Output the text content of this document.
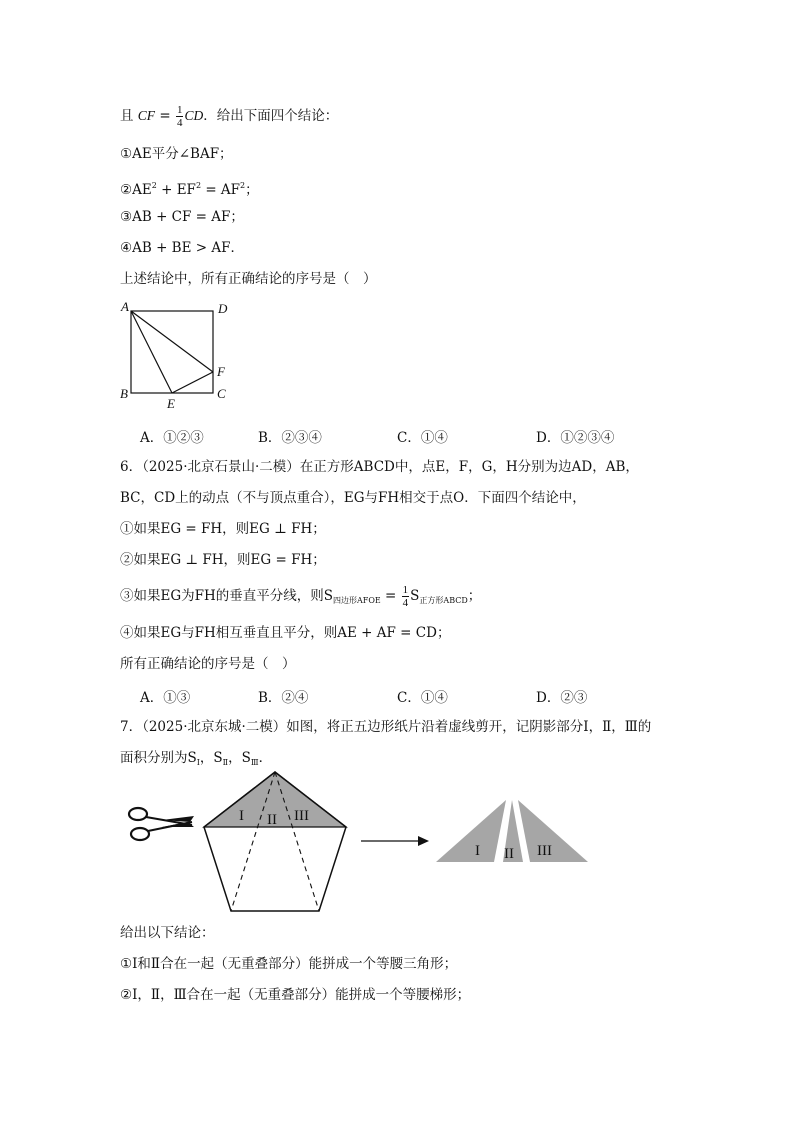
且 CF = $\frac{1}{4}$ CD．给出下面四个结论：
①AE平分∠BAF；
$②AE^2 + EF^2 = AF^2$；
③AB + CF = AF；
④AB + BE > AF．
上述结论中，所有正确结论的序号是（　）
A	D
B	C
E
F
A．①②③	B．②③④	C．①④	D．①②③④
6．（2025·北京石景山·二模）在正方形ABCD中，点E，F，G，H分别为边AD，AB，
BC，CD上的动点（不与顶点重合），EG与FH相交于点O．下面四个结论中，
①如果EG = FH，则EG ⊥ FH；
②如果EG ⊥ FH，则EG = FH；
③如果EG为FH的垂直平分线，则$S_{四边形AFOE} = \frac{1}{4} S_{正方形ABCD}$；
④如果EG与FH相互垂直且平分，则AE + AF = CD；
所有正确结论的序号是（　）
A．①③	B．②④	C．①④	D．②③
7．（2025·北京东城·二模）如图，将正五边形纸片沿着虚线剪开，记阴影部分Ⅰ，Ⅱ，Ⅲ的
面积分别为$S_Ⅰ$，$S_Ⅱ$，$S_Ⅲ$．
I II III
I II III
给出以下结论：
①Ⅰ和Ⅱ合在一起（无重叠部分）能拼成一个等腰三角形；
②Ⅰ，Ⅱ，Ⅲ合在一起（无重叠部分）能拼成一个等腰梯形；
